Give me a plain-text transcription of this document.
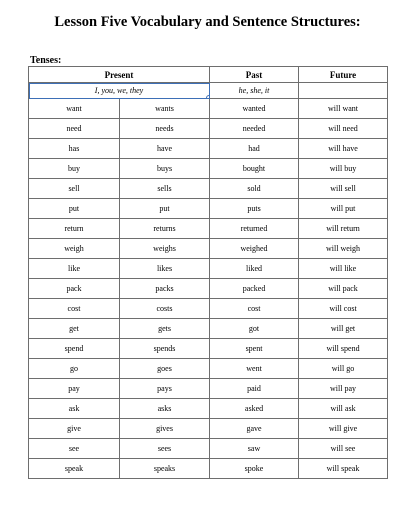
Lesson Five Vocabulary and Sentence Structures:
Tenses:
Present		Past	Future
I, you, we, they		he, she, it	
want	wants	wanted	will want
need	needs	needed	will need
has	have	had	will have
buy	buys	bought	will buy
sell	sells	sold	will sell
put	put	puts	will put
return	returns	returned	will return
weigh	weighs	weighed	will weigh
like	likes	liked	will like
pack	packs	packed	will pack
cost	costs	cost	will cost
get	gets	got	will get
spend	spends	spent	will spend
go	goes	went	will go
pay	pays	paid	will pay
ask	asks	asked	will ask
give	gives	gave	will give
see	sees	saw	will see
speak	speaks	spoke	will speak
